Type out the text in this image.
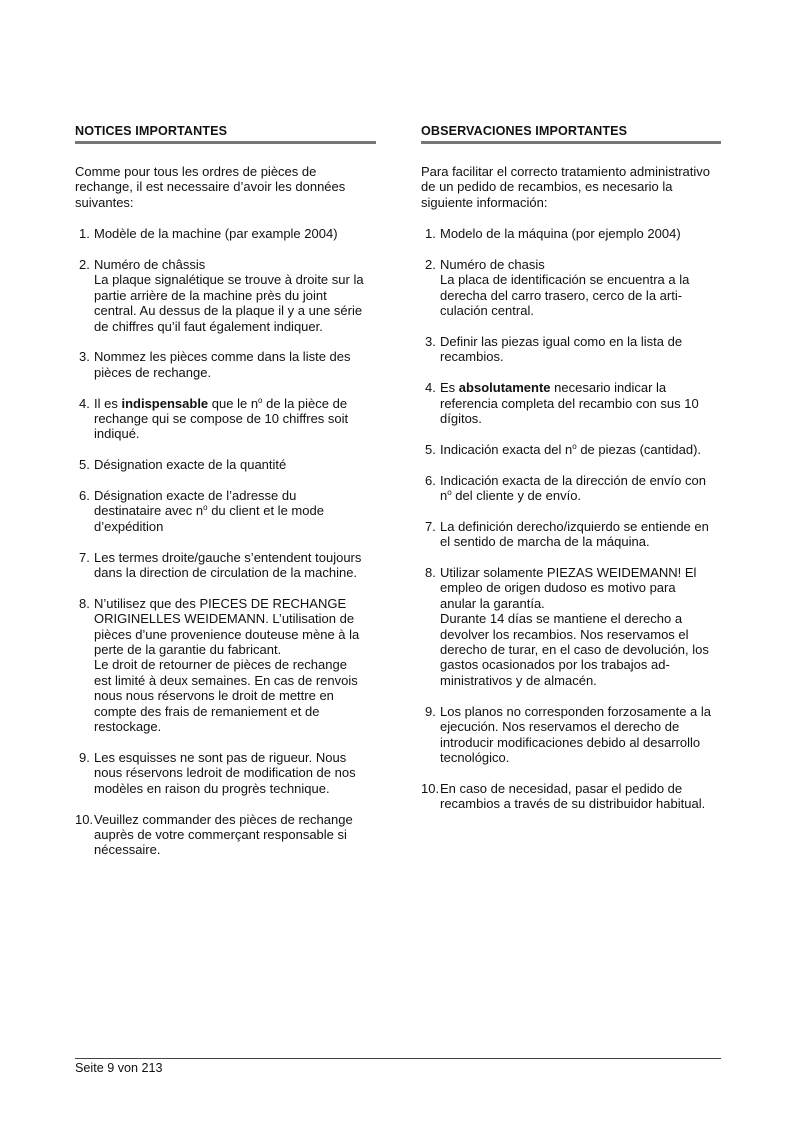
NOTICES IMPORTANTES

Comme pour tous les ordres de pièces de
rechange, il est necessaire d’avoir les données
suivantes:

1. Modèle de la machine (par example 2004)
2. Numéro de châssis
La plaque signalétique se trouve à droite sur la
partie arrière de la machine près du joint
central. Au dessus de la plaque il y a une série
de chiffres qu’il faut également indiquer.
3. Nommez les pièces comme dans la liste des
pièces de rechange.
4. Il es indispensable que le $n^o$ de la pièce de
rechange qui se compose de 10 chiffres soit
indiqué.
5. Désignation exacte de la quantité
6. Désignation exacte de l’adresse du
destinataire avec $n^o$ du client et le mode
d’expédition
7. Les termes droite/gauche s’entendent toujours
dans la direction de circulation de la machine.
8. N’utilisez que des PIECES DE RECHANGE
ORIGINELLES WEIDEMANN. L’utilisation de
pièces d’une provenience douteuse mène à la
perte de la garantie du fabricant.
Le droit de retourner de pièces de rechange
est limité à deux semaines. En cas de renvois
nous nous réservons le droit de mettre en
compte des frais de remaniement et de
restockage.
9. Les esquisses ne sont pas de rigueur. Nous
nous réservons ledroit de modification de nos
modèles en raison du progrès technique.
10. Veuillez commander des pièces de rechange
auprès de votre commerçant responsable si
nécessaire.
OBSERVACIONES IMPORTANTES

Para facilitar el correcto tratamiento administrativo
de un pedido de recambios, es necesario la
siguiente información:

1. Modelo de la máquina (por ejemplo 2004)
2. Numéro de chasis
La placa de identificación se encuentra a la
derecha del carro trasero, cerco de la arti-
culación central.
3. Definir las piezas igual como en la lista de
recambios.
4. Es absolutamente necesario indicar la
referencia completa del recambio con sus 10
dígitos.
5. Indicación exacta del $n^o$ de piezas (cantidad).
6. Indicación exacta de la dirección de envío con
$n^o$ del cliente y de envío.
7. La definición derecho/izquierdo se entiende en
el sentido de marcha de la máquina.
8. Utilizar solamente PIEZAS WEIDEMANN! El
empleo de origen dudoso es motivo para
anular la garantía.
Durante 14 días se mantiene el derecho a
devolver los recambios. Nos reservamos el
derecho de turar, en el caso de devolución, los
gastos ocasionados por los trabajos ad-
ministrativos y de almacén.
9. Los planos no corresponden forzosamente a la
ejecución. Nos reservamos el derecho de
introducir modificaciones debido al desarrollo
tecnológico.
10. En caso de necesidad, pasar el pedido de
recambios a través de su distribuidor habitual.
Seite 9 von 213
